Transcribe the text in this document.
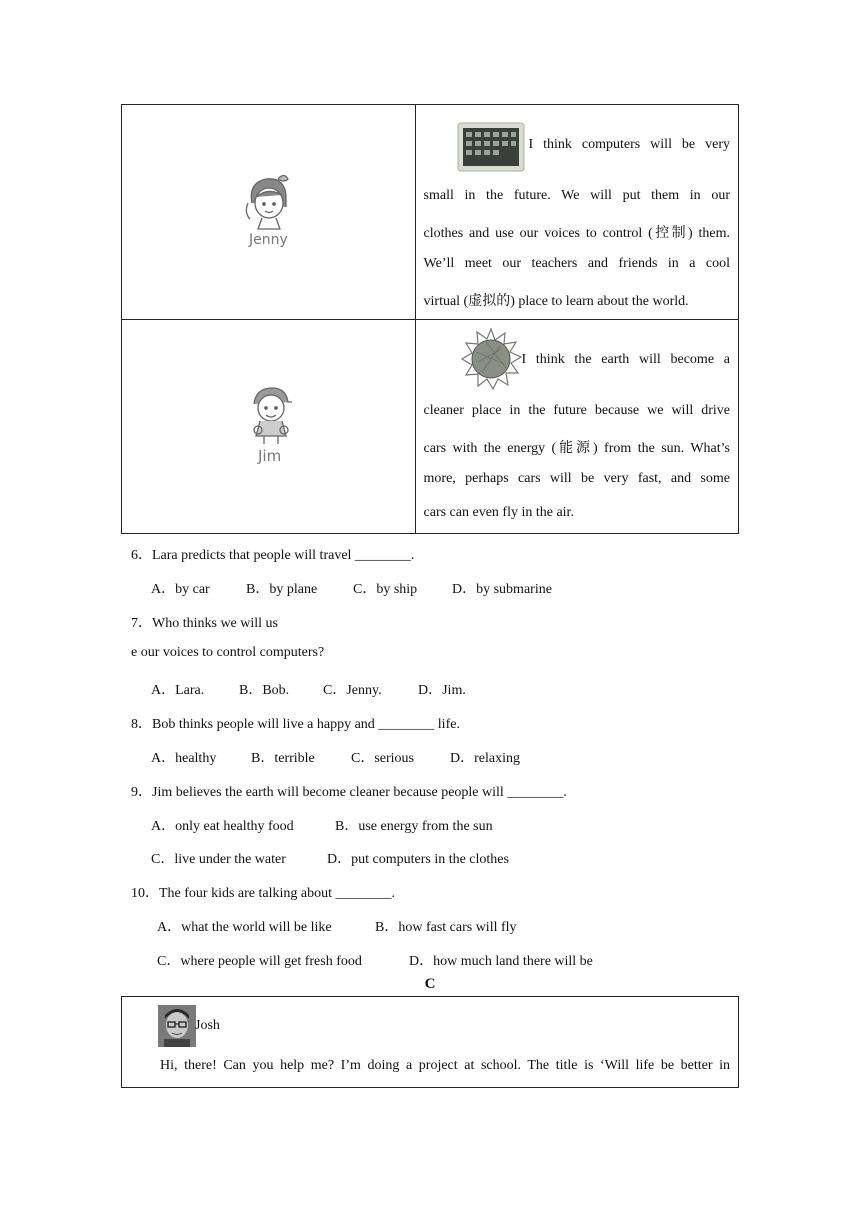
Jenny	I think computers will be very
small in the future. We will put them in our
clothes and use our voices to control (控制) them.
We’ll meet our teachers and friends in a cool
virtual (虚拟的) place to learn about the world.

Jim	I think the earth will become a
cleaner place in the future because we will drive
cars with the energy (能源) from the sun. What’s
more, perhaps cars will be very fast, and some
cars can even fly in the air.
6．Lara predicts that people will travel ________.
A．by car	B．by plane	C．by ship D．by submarine
7．Who thinks we will us
e our voices to control computers?
A．Lara. B．Bob. C．Jenny.	D．Jim.
8．Bob thinks people will live a happy and ________ life.
A．healthy B．terrible	C．serious	D．relaxing
9．Jim believes the earth will become cleaner because people will ________.
A．only eat healthy food	B．use energy from the sun
C．live under the water	D．put computers in the clothes
10．The four kids are talking about ________.
A．what the world will be like	B．how fast cars will fly
C．where people will get fresh food	D．how much land there will be
C
Josh
Hi, there! Can you help me? I’m doing a project at school. The title is ‘Will life be better in
